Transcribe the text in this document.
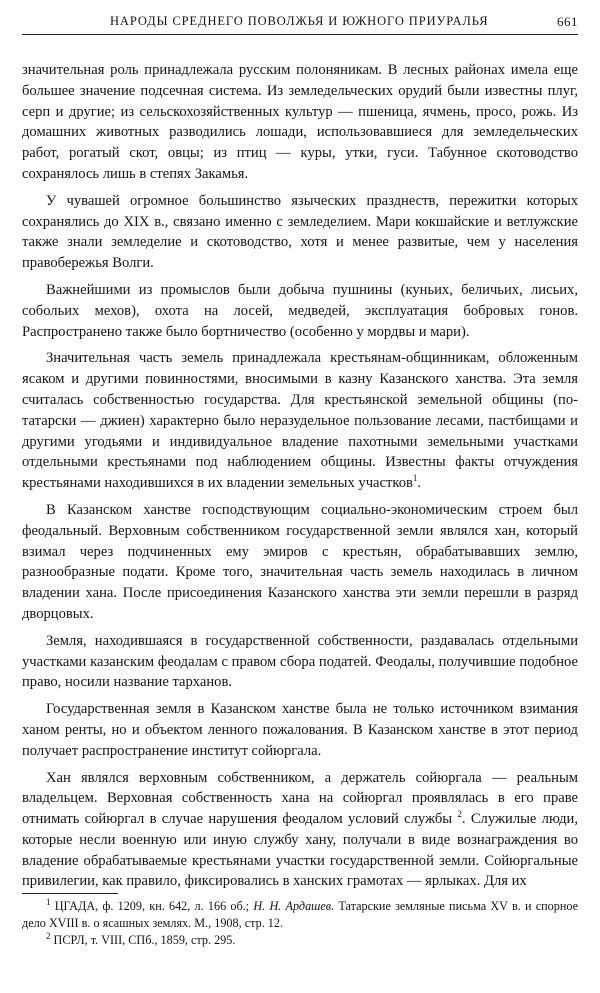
НАРОДЫ СРЕДНЕГО ПОВОЛЖЬЯ И ЮЖНОГО ПРИУРАЛЬЯ	661

значительная роль принадлежала русским полоняникам. В лесных районах имела еще большее значение подсечная система. Из земледельческих орудий были известны плуг, серп и другие; из сельскохозяйственных культур — пшеница, ячмень, просо, рожь. Из домашних животных разводились лошади, использовавшиеся для земледельческих работ, рогатый скот, овцы; из птиц — куры, утки, гуси. Табунное скотоводство сохранялось лишь в степях Закамья.

У чувашей огромное большинство языческих празднеств, пережитки которых сохранялись до XIX в., связано именно с земледелием. Мари кокшайские и ветлужские также знали земледелие и скотоводство, хотя и менее развитые, чем у населения правобережья Волги.

Важнейшими из промыслов были добыча пушнины (куньих, беличьих, лисьих, собольих мехов), охота на лосей, медведей, эксплуатация бобровых гонов. Распространено также было бортничество (особенно у мордвы и мари).

Значительная часть земель принадлежала крестьянам-общинникам, обложенным ясаком и другими повинностями, вносимыми в казну Казанского ханства. Эта земля считалась собственностью государства. Для крестьянской земельной общины (по-татарски — джиен) характерно было неразудельное пользование лесами, пастбищами и другими угодьями и индивидуальное владение пахотными земельными участками отдельными крестьянами под наблюдением общины. Известны факты отчуждения крестьянами находившихся в их владении земельных участков$^1$.

В Казанском ханстве господствующим социально-экономическим строем был феодальный. Верховным собственником государственной земли являлся хан, который взимал через подчиненных ему эмиров с крестьян, обрабатывавших землю, разнообразные подати. Кроме того, значительная часть земель находилась в личном владении хана. После присоединения Казанского ханства эти земли перешли в разряд дворцовых.

Земля, находившаяся в государственной собственности, раздавалась отдельными участками казанским феодалам с правом сбора податей. Феодалы, получившие подобное право, носили название тарханов.

Государственная земля в Казанском ханстве была не только источником взимания ханом ренты, но и объектом ленного пожалования. В Казанском ханстве в этот период получает распространение институт сойюргала.

Хан являлся верховным собственником, а держатель сойюргала — реальным владельцем. Верховная собственность хана на сойюргал проявлялась в его праве отнимать сойюргал в случае нарушения феодалом условий службы $^2$. Служилые люди, которые несли военную или иную службу хану, получали в виде вознаграждения во владение обрабатываемые крестьянами участки государственной земли. Сойюргальные привилегии, как правило, фиксировались в ханских грамотах — ярлыках. Для их

$^1$ ЦГАДА, ф. 1209, кн. 642, л. 166 об.; Н. Н. Ардашев. Татарские земляные письма XV в. и спорное дело XVIII в. о ясашных землях. М., 1908, стр. 12.

$^2$ ПСРЛ, т. VIII, СПб., 1859, стр. 295.
